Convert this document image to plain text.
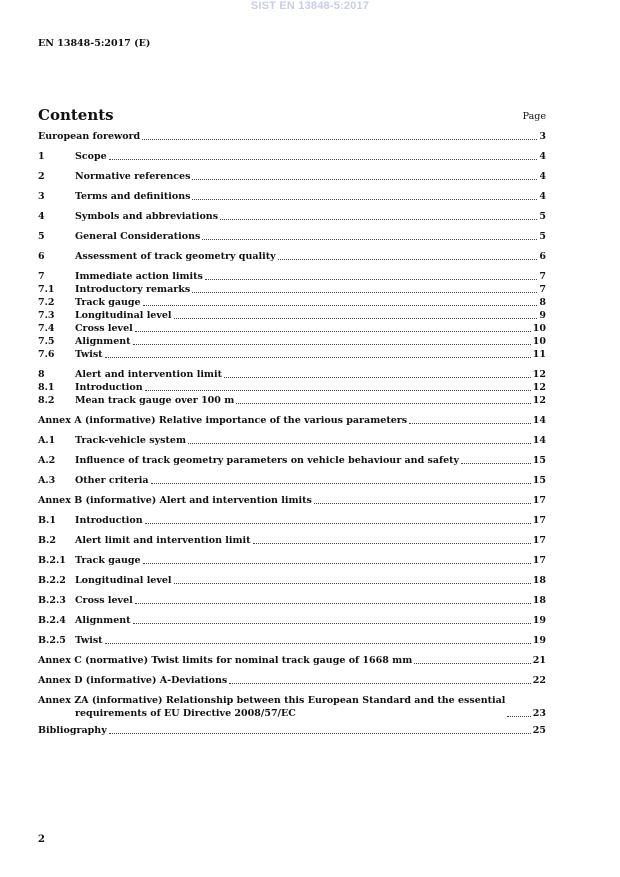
SIST EN 13848-5:2017
EN 13848-5:2017 (E)
Contents	Page
European foreword	3
1	Scope	4
2	Normative references	4
3	Terms and definitions	4
4	Symbols and abbreviations	5
5	General Considerations	5
6	Assessment of track geometry quality	6
7	Immediate action limits	7
7.1	Introductory remarks	7
7.2	Track gauge	8
7.3	Longitudinal level	9
7.4	Cross level	10
7.5	Alignment	10
7.6	Twist	11
8	Alert and intervention limit	12
8.1	Introduction	12
8.2	Mean track gauge over 100 m	12
Annex A (informative) Relative importance of the various parameters	14
A.1	Track-vehicle system	14
A.2	Influence of track geometry parameters on vehicle behaviour and safety	15
A.3	Other criteria	15
Annex B (informative) Alert and intervention limits	17
B.1	Introduction	17
B.2	Alert limit and intervention limit	17
B.2.1 Track gauge	17
B.2.2 Longitudinal level	18
B.2.3 Cross level	18
B.2.4 Alignment	19
B.2.5 Twist	19
Annex C (normative) Twist limits for nominal track gauge of 1668 mm	21
Annex D (informative) A-Deviations	22
Annex ZA (informative) Relationship between this European Standard and the essential
requirements of EU Directive 2008/57/EC	23
Bibliography	25
2
